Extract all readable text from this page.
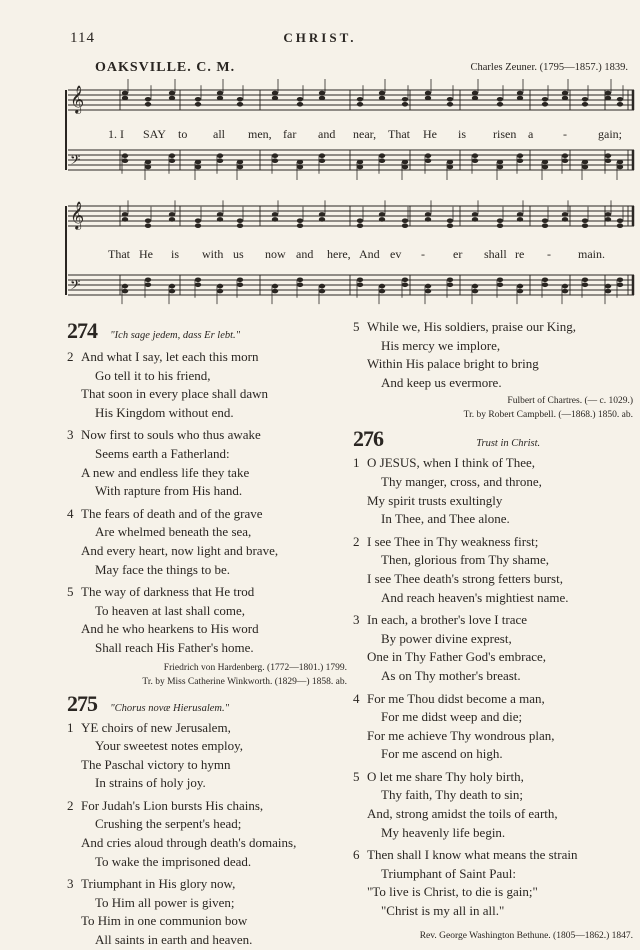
114	CHRIST.
OAKSVILLE. C. M.	Charles Zeuner. (1795—1857.) 1839.
𝄞
𝄢
𝄞
𝄢
1. I SAY to all men, far and near, That He is risen a -	gain;
That He is with us now and here, And ev - er shall re - main.
274 "Ich sage jedem, dass Er lebt."
2 And what I say, let each this morn
Go tell it to his friend,
That soon in every place shall dawn
His Kingdom without end.
3 Now first to souls who thus awake
Seems earth a Fatherland:
A new and endless life they take
With rapture from His hand.
4 The fears of death and of the grave
Are whelmed beneath the sea,
And every heart, now light and brave,
May face the things to be.
5 The way of darkness that He trod
To heaven at last shall come,
And he who hearkens to His word
Shall reach His Father's home.
Friedrich von Hardenberg. (1772—1801.) 1799.
Tr. by Miss Catherine Winkworth. (1829—) 1858. ab.
275 "Chorus novæ Hierusalem."
1 YE choirs of new Jerusalem,
Your sweetest notes employ,
The Paschal victory to hymn
In strains of holy joy.
2 For Judah's Lion bursts His chains,
Crushing the serpent's head;
And cries aloud through death's domains,
To wake the imprisoned dead.
3 Triumphant in His glory now,
To Him all power is given;
To Him in one communion bow
All saints in earth and heaven.
5 While we, His soldiers, praise our King,
His mercy we implore,
Within His palace bright to bring
And keep us evermore.
Fulbert of Chartres. (— c. 1029.)
Tr. by Robert Campbell. (—1868.) 1850. ab.
276	Trust in Christ.
1 O JESUS, when I think of Thee,
Thy manger, cross, and throne,
My spirit trusts exultingly
In Thee, and Thee alone.
2 I see Thee in Thy weakness first;
Then, glorious from Thy shame,
I see Thee death's strong fetters burst,
And reach heaven's mightiest name.
3 In each, a brother's love I trace
By power divine exprest,
One in Thy Father God's embrace,
As on Thy mother's breast.
4 For me Thou didst become a man,
For me didst weep and die;
For me achieve Thy wondrous plan,
For me ascend on high.
5 O let me share Thy holy birth,
Thy faith, Thy death to sin;
And, strong amidst the toils of earth,
My heavenly life begin.
6 Then shall I know what means the strain
Triumphant of Saint Paul:
"To live is Christ, to die is gain;"
"Christ is my all in all."
Rev. George Washington Bethune. (1805—1862.) 1847.
